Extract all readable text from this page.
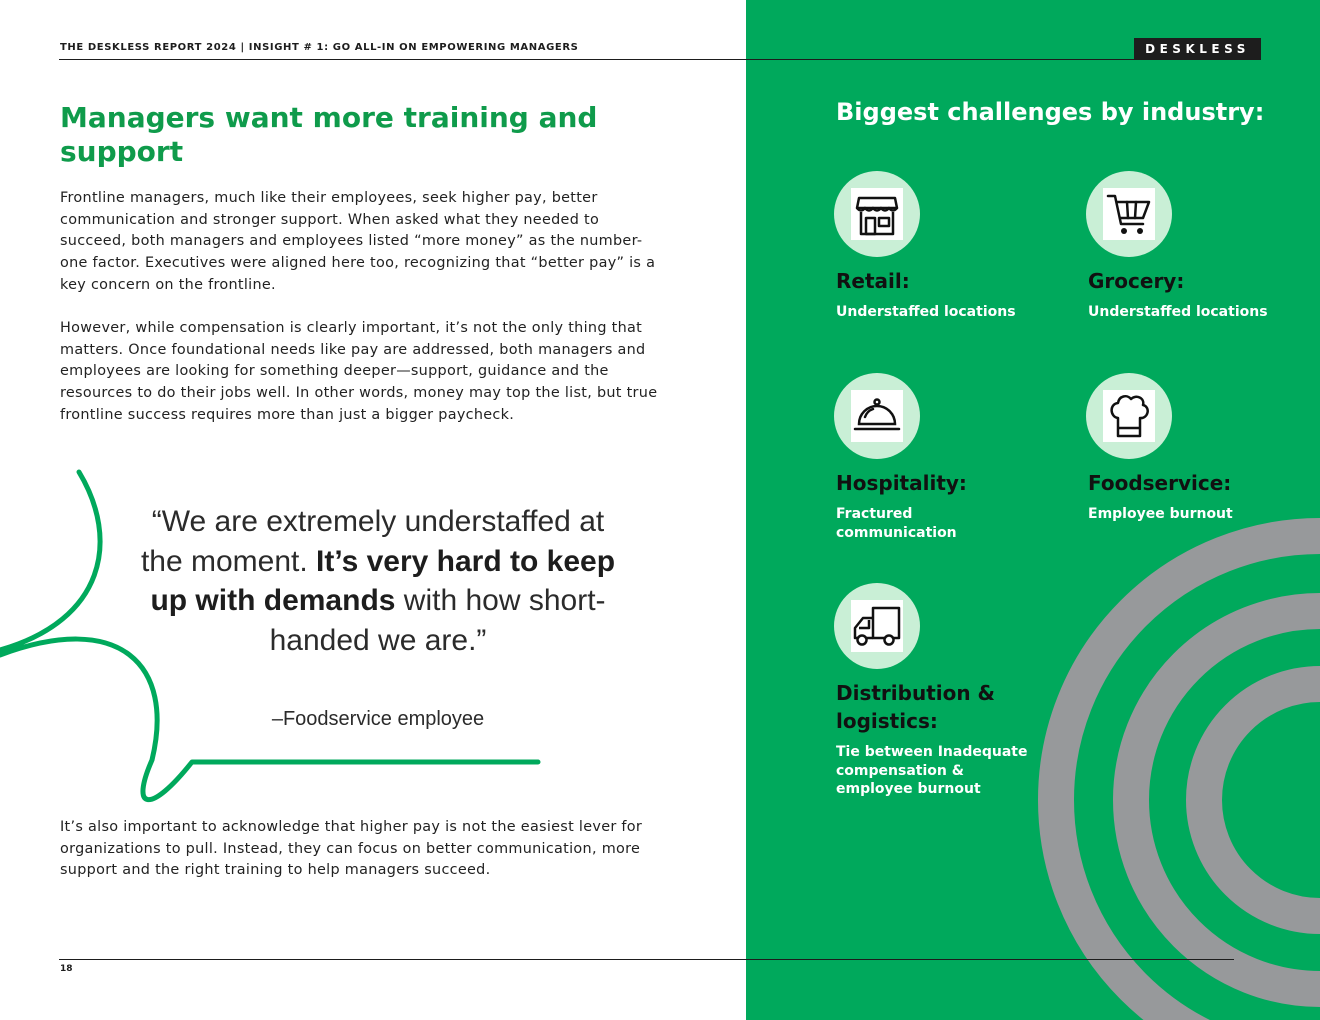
Biggest challenges by industry:

Retail:

Understaffed locations

Grocery:

Understaffed locations

Hospitality:

Fractured communication

Foodservice:

Employee burnout

Distribution & logistics:

Tie between Inadequate compensation & employee burnout

THE DESKLESS REPORT 2024 | INSIGHT # 1: GO ALL-IN ON EMPOWERING MANAGERS	DESKLESS
Managers want more training and support

Frontline managers, much like their employees, seek higher pay, better communication and stronger support. When asked what they needed to succeed, both managers and employees listed “more money” as the number-one factor. Executives were aligned here too, recognizing that “better pay” is a key concern on the frontline.

However, while compensation is clearly important, it’s not the only thing that matters. Once foundational needs like pay are addressed, both managers and employees are looking for something deeper—support, guidance and the resources to do their jobs well. In other words, money may top the list, but true frontline success requires more than just a bigger paycheck.

“We are extremely understaffed at the moment. It’s very hard to keep up with demands with how short-handed we are.”
–Foodservice employee

It’s also important to acknowledge that higher pay is not the easiest lever for organizations to pull. Instead, they can focus on better communication, more support and the right training to help managers succeed.

18
